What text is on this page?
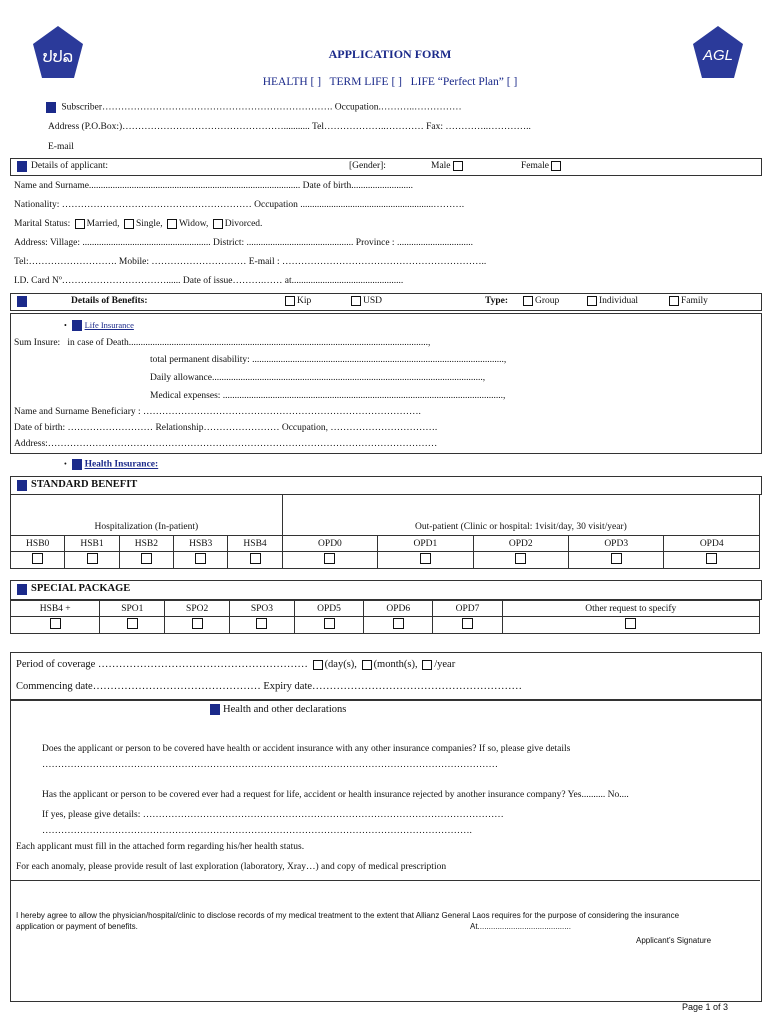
ປປລ	AGL
APPLICATION FORM
HEALTH [ ] TERM LIFE [ ] LIFE “Perfect Plan” [ ]
Subscriber………………………………………………………………. Occupation.………..……………
Address (P.O.Box:)……………………………………………........... Tel………………..………… Fax: …………..…………..
E-mail
Details of applicant:	[Gender]:	Male	Female
Name and Surname......................................................................................... Date of birth..........................
Nationality: …………………………………………………… Occupation ........................................................……….
Marital Status: Married, Single, Widow, Divorced.
Address: Village: ...................................................... District: ............................................. Province : ................................
Tel:………………………. Mobile: ………………………… E-mail : ………………………………………………………..
I.D. Card Nº……………………………...... Date of issue……….…… at...............................................
Details of Benefits:	Kip	USD	Type:	Group	Individual	Family
• Life Insurance
Sum Insure: in case of Death..............................................................................................................................,
total permanent disability: ..........................................................................................................,
Daily allowance..................................................................................................................,
Medical expenses: ......................................................................................................................,
Name and Surname Beneficiary : …………………………………………………………………………….
Date of birth: ……………………… Relationship…………………… Occupation, …………………………….
Address:……………………………………………………………………………………………………………
• Health Insurance:
STANDARD BENEFIT
Hospitalization (In-patient)					Out-patient (Clinic or hospital: 1visit/day, 30 visit/year)				
HSB0	HSB1	HSB2	HSB3	HSB4	OPD0	OPD1	OPD2	OPD3	OPD4

SPECIAL PACKAGE
HSB4 +	SPO1	SPO2	SPO3	OPD5	OPD6	OPD7	Other request to specify

Period of coverage …………………………………………………… (day(s), (month(s), /year
Commencing date………………………………………… Expiry date……………………………………………………
Health and other declarations
Does the applicant or person to be covered have health or accident insurance with any other insurance companies? If so, please give details
………………………………………………………………………………………………………………………………
Has the applicant or person to be covered ever had a request for life, accident or health insurance rejected by another insurance company? Yes.......... No....
If yes, please give details: ……………………………………………………………………………………………………
……………………………………………………………………………………………………………………….
Each applicant must fill in the attached form regarding his/her health status.
For each anomaly, please provide result of last exploration (laboratory, Xray…) and copy of medical prescription
I hereby agree to allow the physician/hospital/clinic to disclose records of my medical treatment to the extent that Allianz General Laos requires for the purpose of considering the insurance application or payment of benefits.	At..........................................
Applicant’s Signature
Page 1 of 3
